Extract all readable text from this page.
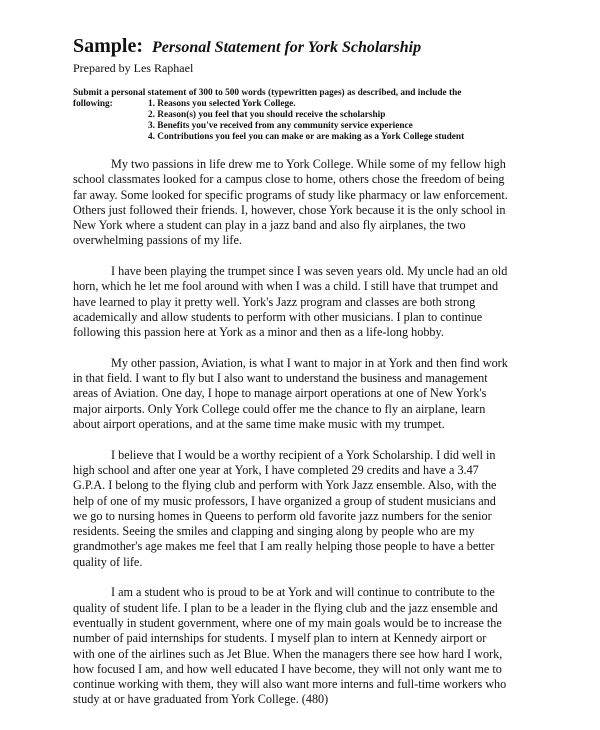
Sample: Personal Statement for York Scholarship
Prepared by Les Raphael
Submit a personal statement of 300 to 500 words (typewritten pages) as described, and include the
following:	1. Reasons you selected York College.
2. Reason(s) you feel that you should receive the scholarship
3. Benefits you've received from any community service experience
4. Contributions you feel you can make or are making as a York College student

My two passions in life drew me to York College. While some of my fellow high
school classmates looked for a campus close to home, others chose the freedom of being
far away. Some looked for specific programs of study like pharmacy or law enforcement.
Others just followed their friends. I, however, chose York because it is the only school in
New York where a student can play in a jazz band and also fly airplanes, the two
overwhelming passions of my life.

I have been playing the trumpet since I was seven years old. My uncle had an old
horn, which he let me fool around with when I was a child. I still have that trumpet and
have learned to play it pretty well. York's Jazz program and classes are both strong
academically and allow students to perform with other musicians. I plan to continue
following this passion here at York as a minor and then as a life-long hobby.

My other passion, Aviation, is what I want to major in at York and then find work
in that field. I want to fly but I also want to understand the business and management
areas of Aviation. One day, I hope to manage airport operations at one of New York's
major airports. Only York College could offer me the chance to fly an airplane, learn
about airport operations, and at the same time make music with my trumpet.

I believe that I would be a worthy recipient of a York Scholarship. I did well in
high school and after one year at York, I have completed 29 credits and have a 3.47
G.P.A. I belong to the flying club and perform with York Jazz ensemble. Also, with the
help of one of my music professors, I have organized a group of student musicians and
we go to nursing homes in Queens to perform old favorite jazz numbers for the senior
residents. Seeing the smiles and clapping and singing along by people who are my
grandmother's age makes me feel that I am really helping those people to have a better
quality of life.

I am a student who is proud to be at York and will continue to contribute to the
quality of student life. I plan to be a leader in the flying club and the jazz ensemble and
eventually in student government, where one of my main goals would be to increase the
number of paid internships for students. I myself plan to intern at Kennedy airport or
with one of the airlines such as Jet Blue. When the managers there see how hard I work,
how focused I am, and how well educated I have become, they will not only want me to
continue working with them, they will also want more interns and full-time workers who
study at or have graduated from York College. (480)
